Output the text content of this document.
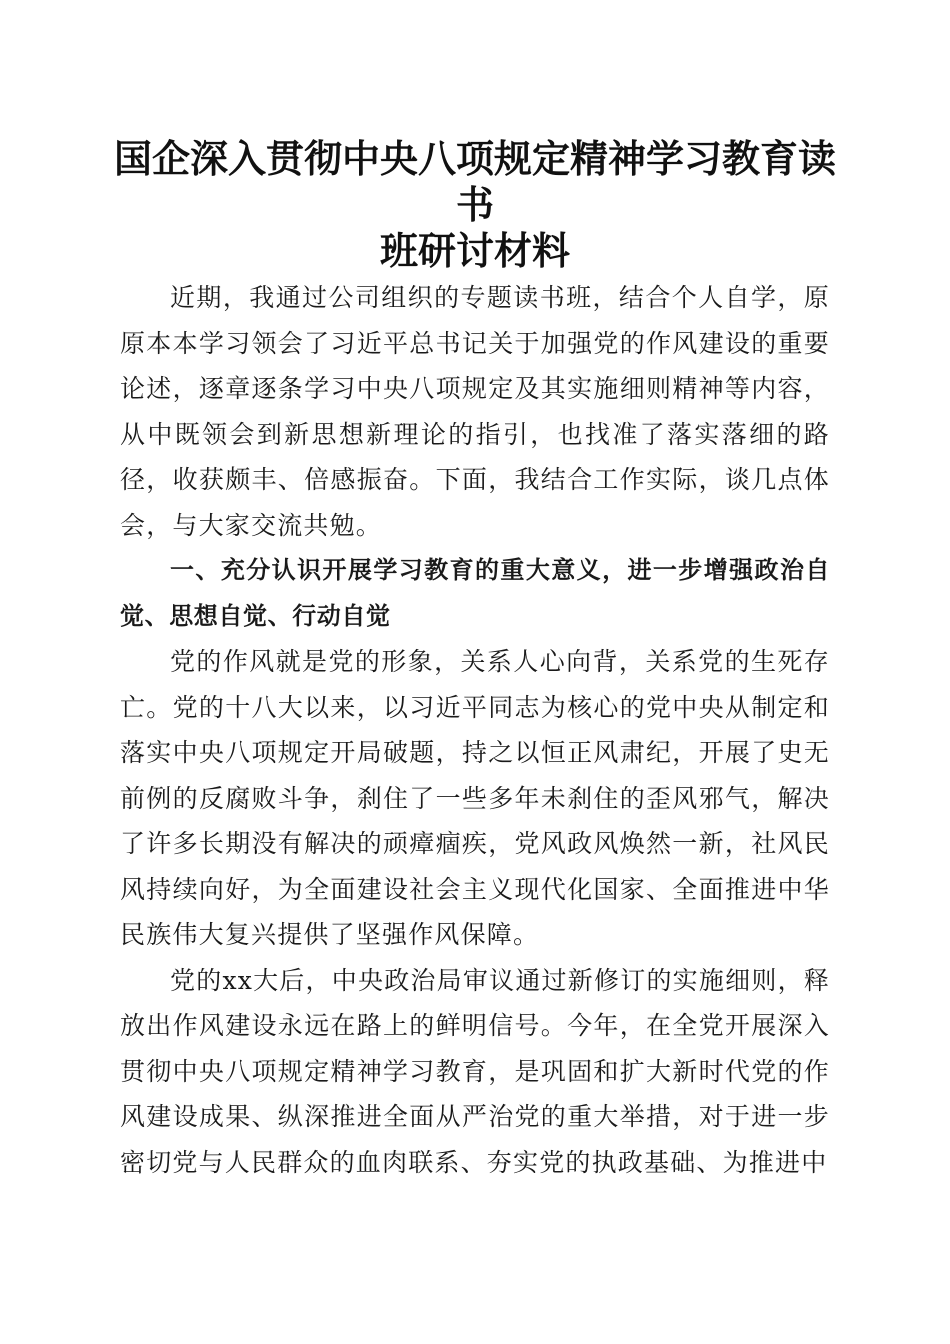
国企深入贯彻中央八项规定精神学习教育读书
班研讨材料

近期，我通过公司组织的专题读书班，结合个人自学，原原本本学习领会了习近平总书记关于加强党的作风建设的重要论述，逐章逐条学习中央八项规定及其实施细则精神等内容，从中既领会到新思想新理论的指引，也找准了落实落细的路径，收获颇丰、倍感振奋。下面，我结合工作实际，谈几点体会，与大家交流共勉。

一、充分认识开展学习教育的重大意义，进一步增强政治自觉、思想自觉、行动自觉

党的作风就是党的形象，关系人心向背，关系党的生死存亡。党的十八大以来，以习近平同志为核心的党中央从制定和落实中央八项规定开局破题，持之以恒正风肃纪，开展了史无前例的反腐败斗争，刹住了一些多年未刹住的歪风邪气，解决了许多长期没有解决的顽瘴痼疾，党风政风焕然一新，社风民风持续向好，为全面建设社会主义现代化国家、全面推进中华民族伟大复兴提供了坚强作风保障。

党的xx大后，中央政治局审议通过新修订的实施细则，释放出作风建设永远在路上的鲜明信号。今年，在全党开展深入贯彻中央八项规定精神学习教育，是巩固和扩大新时代党的作风建设成果、纵深推进全面从严治党的重大举措，对于进一步密切党与人民群众的血肉联系、夯实党的执政基础、为推进中
